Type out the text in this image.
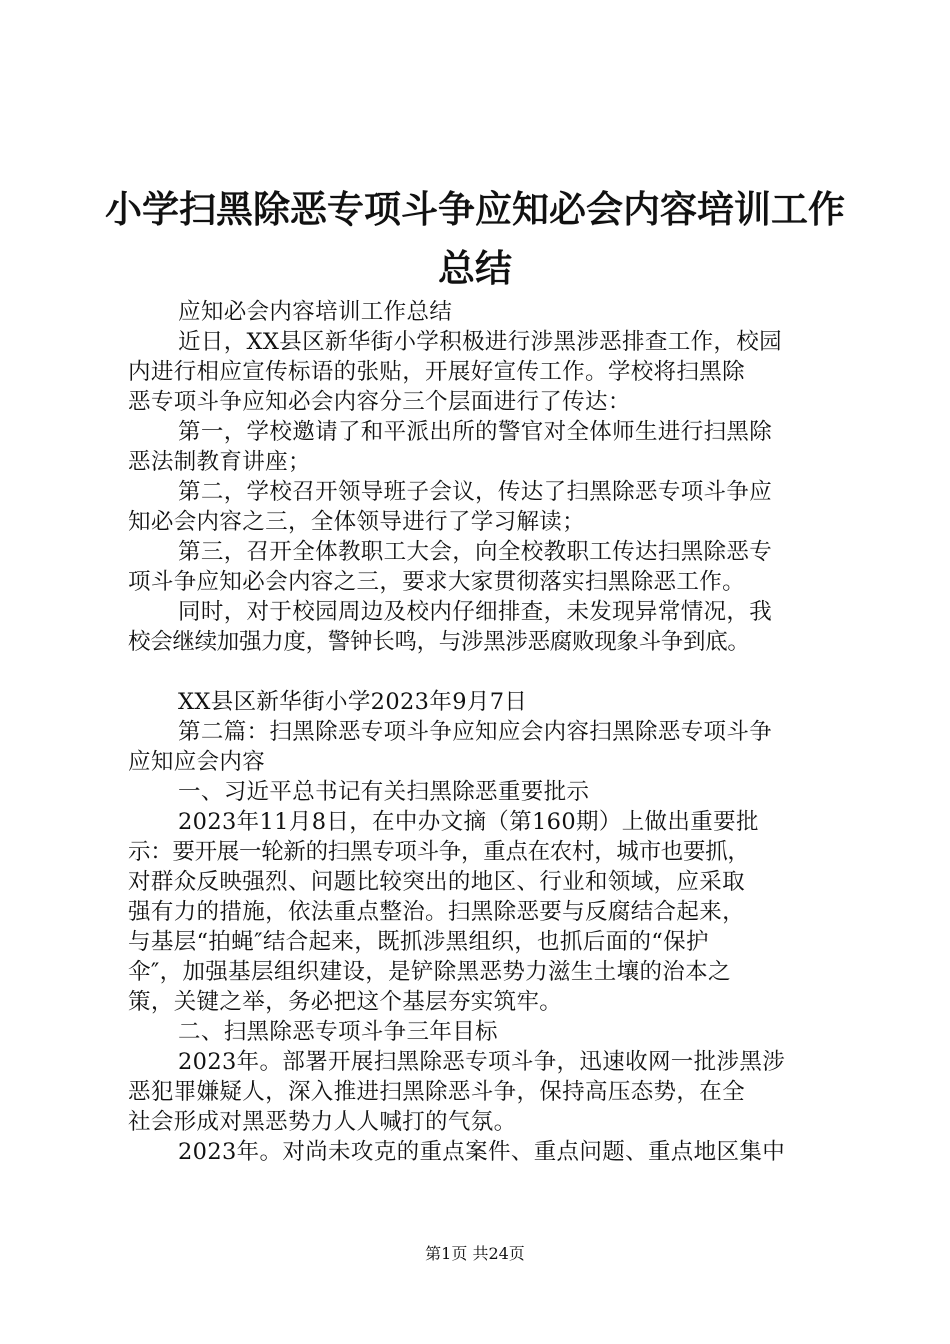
小学扫黑除恶专项斗争应知必会内容培训工作
总结
应知必会内容培训工作总结
近日，XX县区新华街小学积极进行涉黑涉恶排查工作，校园
内进行相应宣传标语的张贴，开展好宣传工作。学校将扫黑除
恶专项斗争应知必会内容分三个层面进行了传达：
第一，学校邀请了和平派出所的警官对全体师生进行扫黑除
恶法制教育讲座；
第二，学校召开领导班子会议，传达了扫黑除恶专项斗争应
知必会内容之三，全体领导进行了学习解读；
第三，召开全体教职工大会，向全校教职工传达扫黑除恶专
项斗争应知必会内容之三，要求大家贯彻落实扫黑除恶工作。
同时，对于校园周边及校内仔细排查，未发现异常情况，我
校会继续加强力度，警钟长鸣，与涉黑涉恶腐败现象斗争到底。
XX县区新华街小学2023年9月7日
第二篇：扫黑除恶专项斗争应知应会内容扫黑除恶专项斗争
应知应会内容
一、习近平总书记有关扫黑除恶重要批示
2023年11月8日，在中办文摘（第160期）上做出重要批
示：要开展一轮新的扫黑专项斗争，重点在农村，城市也要抓，
对群众反映强烈、问题比较突出的地区、行业和领域，应采取
强有力的措施，依法重点整治。扫黑除恶要与反腐结合起来，
与基层“拍蝇″结合起来，既抓涉黑组织，也抓后面的“保护
伞″，加强基层组织建设，是铲除黑恶势力滋生土壤的治本之
策，关键之举，务必把这个基层夯实筑牢。
二、扫黑除恶专项斗争三年目标
2023年。部署开展扫黑除恶专项斗争，迅速收网一批涉黑涉
恶犯罪嫌疑人，深入推进扫黑除恶斗争，保持高压态势，在全
社会形成对黑恶势力人人喊打的气氛。
2023年。对尚未攻克的重点案件、重点问题、重点地区集中
第1页 共24页
